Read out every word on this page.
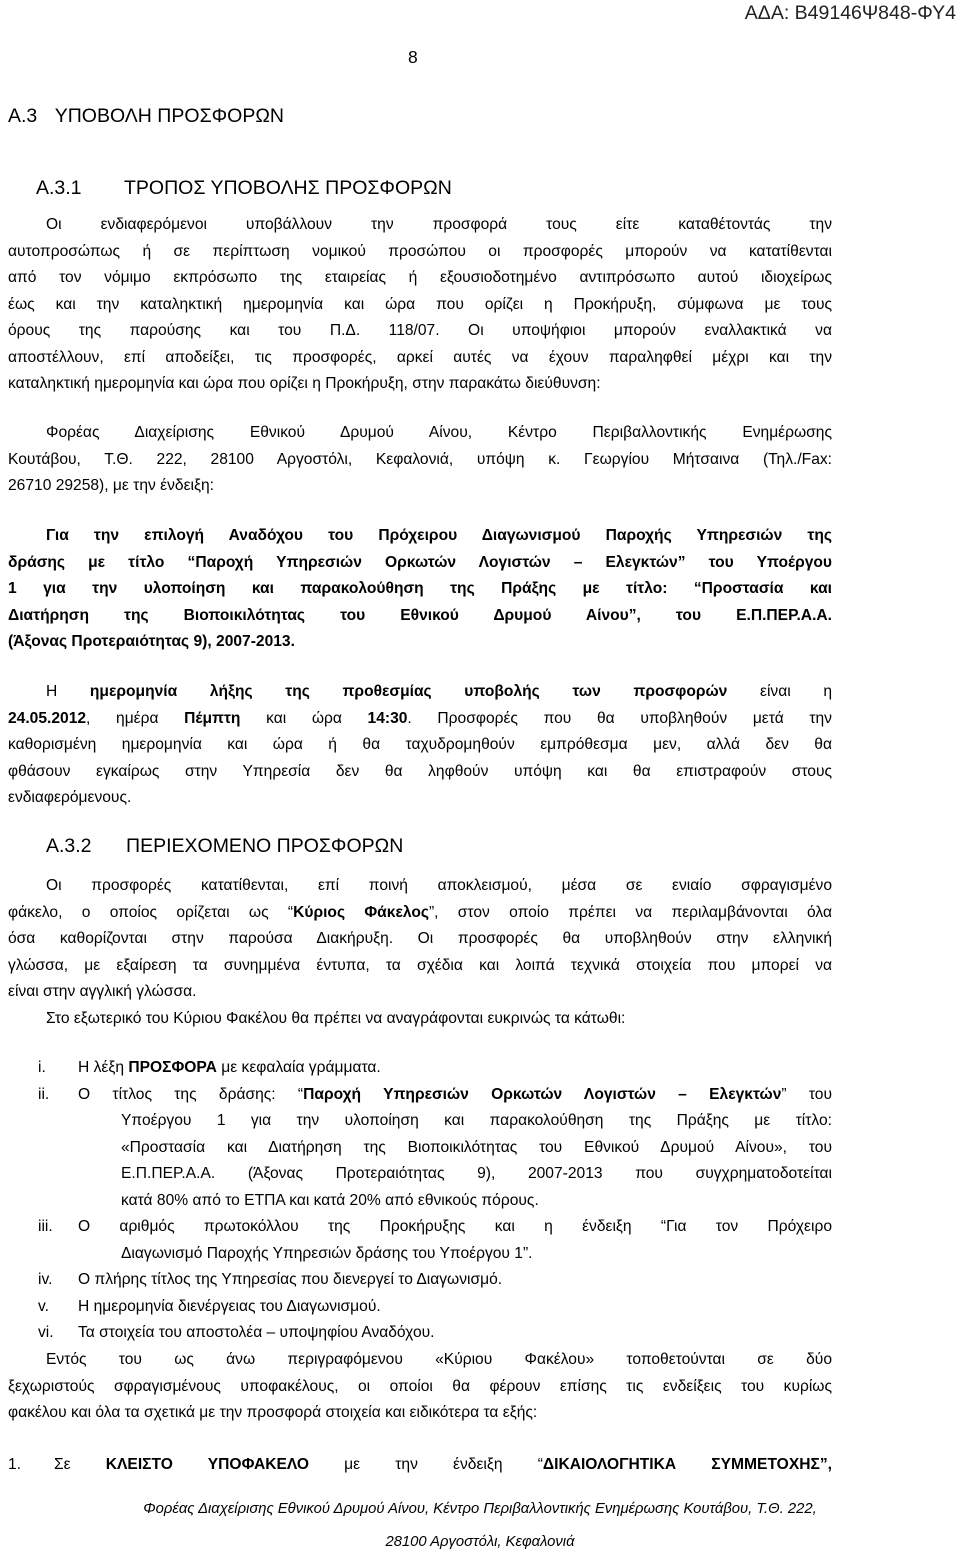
ΑΔΑ: Β49146Ψ848-ΦΥ4
8
Α.3 ΥΠΟΒΟΛΗ ΠΡΟΣΦΟΡΩΝ
Α.3.1 ΤΡΟΠΟΣ ΥΠΟΒΟΛΗΣ ΠΡΟΣΦΟΡΩΝ

Οι ενδιαφερόμενοι υποβάλλουν την προσφορά τους είτε καταθέτοντάς την

αυτοπροσώπως ή σε περίπτωση νομικού προσώπου οι προσφορές μπορούν να κατατίθενται

από τον νόμιμο εκπρόσωπο της εταιρείας ή εξουσιοδοτημένο αντιπρόσωπο αυτού ιδιοχείρως

έως και την καταληκτική ημερομηνία και ώρα που ορίζει η Προκήρυξη, σύμφωνα με τους

όρους της παρούσης και του Π.Δ. 118/07. Οι υποψήφιοι μπορούν εναλλακτικά να

αποστέλλουν, επί αποδείξει, τις προσφορές, αρκεί αυτές να έχουν παραληφθεί μέχρι και την

καταληκτική ημερομηνία και ώρα που ορίζει η Προκήρυξη, στην παρακάτω διεύθυνση:

Φορέας Διαχείρισης Εθνικού Δρυμού Αίνου, Κέντρο Περιβαλλοντικής Ενημέρωσης

Κουτάβου, Τ.Θ. 222, 28100 Αργοστόλι, Κεφαλονιά, υπόψη κ. Γεωργίου Μήτσαινα (Τηλ./Fax:

26710 29258), με την ένδειξη:

Για την επιλογή Αναδόχου του Πρόχειρου Διαγωνισμού Παροχής Υπηρεσιών της

δράσης με τίτλο “Παροχή Υπηρεσιών Ορκωτών Λογιστών – Ελεγκτών” του Υποέργου

1 για την υλοποίηση και παρακολούθηση της Πράξης με τίτλο: “Προστασία και

Διατήρηση της Βιοποικιλότητας του Εθνικού Δρυμού Αίνου”, του Ε.Π.ΠΕΡ.Α.Α.

(Άξονας Προτεραιότητας 9), 2007-2013.

Η ημερομηνία λήξης της προθεσμίας υποβολής των προσφορών είναι η

24.05.2012, ημέρα Πέμπτη και ώρα 14:30. Προσφορές που θα υποβληθούν μετά την

καθορισμένη ημερομηνία και ώρα ή θα ταχυδρομηθούν εμπρόθεσμα μεν, αλλά δεν θα

φθάσουν εγκαίρως στην Υπηρεσία δεν θα ληφθούν υπόψη και θα επιστραφούν στους

ενδιαφερόμενους.

Α.3.2 ΠΕΡΙΕΧΟΜΕΝΟ ΠΡΟΣΦΟΡΩΝ

Οι προσφορές κατατίθενται, επί ποινή αποκλεισμού, μέσα σε ενιαίο σφραγισμένο

φάκελο, ο οποίος ορίζεται ως “Κύριος Φάκελος”, στον οποίο πρέπει να περιλαμβάνονται όλα

όσα καθορίζονται στην παρούσα Διακήρυξη. Οι προσφορές θα υποβληθούν στην ελληνική

γλώσσα, με εξαίρεση τα συνημμένα έντυπα, τα σχέδια και λοιπά τεχνικά στοιχεία που μπορεί να

είναι στην αγγλική γλώσσα.

Στο εξωτερικό του Κύριου Φακέλου θα πρέπει να αναγράφονται ευκρινώς τα κάτωθι:

i.	Η λέξη ΠΡΟΣΦΟΡΑ με κεφαλαία γράμματα.
ii.	Ο τίτλος της δράσης: “Παροχή Υπηρεσιών Ορκωτών Λογιστών – Ελεγκτών” του

Υποέργου 1 για την υλοποίηση και παρακολούθηση της Πράξης με τίτλο:

«Προστασία και Διατήρηση της Βιοποικιλότητας του Εθνικού Δρυμού Αίνου», του

Ε.Π.ΠΕΡ.Α.Α. (Άξονας Προτεραιότητας 9), 2007-2013 που συγχρηματοδοτείται

κατά 80% από το ΕΤΠΑ και κατά 20% από εθνικούς πόρους.

iii.	Ο αριθμός πρωτοκόλλου της Προκήρυξης και η ένδειξη “Για τον Πρόχειρο

Διαγωνισμό Παροχής Υπηρεσιών δράσης του Υποέργου 1”.

iv.	Ο πλήρης τίτλος της Υπηρεσίας που διενεργεί το Διαγωνισμό.
v.	Η ημερομηνία διενέργειας του Διαγωνισμού.
vi.	Τα στοιχεία του αποστολέα – υποψηφίου Αναδόχου.

Εντός του ως άνω περιγραφόμενου «Κύριου Φακέλου» τοποθετούνται σε δύο

ξεχωριστούς σφραγισμένους υποφακέλους, οι οποίοι θα φέρουν επίσης τις ενδείξεις του κυρίως

φακέλου και όλα τα σχετικά με την προσφορά στοιχεία και ειδικότερα τα εξής:

1.	Σε ΚΛΕΙΣΤΟ ΥΠΟΦΑΚΕΛΟ με την ένδειξη “ΔΙΚΑΙΟΛΟΓΗΤΙΚΑ ΣΥΜΜΕΤΟΧΗΣ”,
Φορέας Διαχείρισης Εθνικού Δρυμού Αίνου, Κέντρο Περιβαλλοντικής Ενημέρωσης Κουτάβου, Τ.Θ. 222,
28100 Αργοστόλι, Κεφαλονιά
